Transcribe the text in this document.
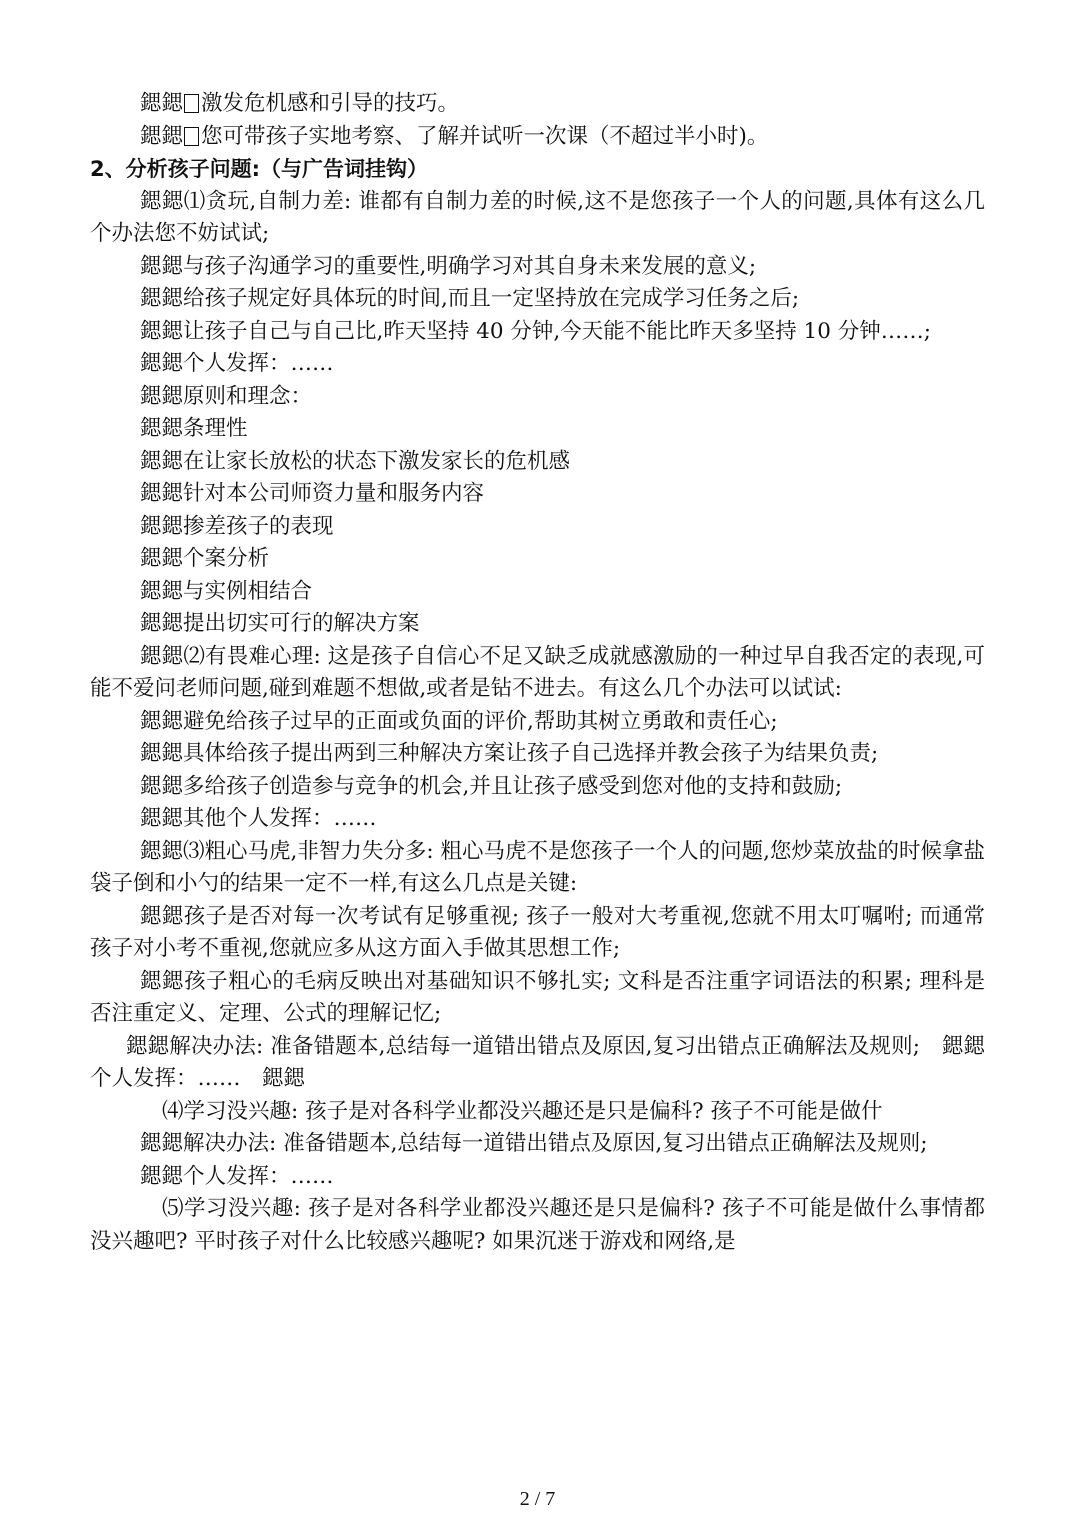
鍶鍶 激发危机感和引导的技巧。

鍶鍶 您可带孩子实地考察、了解并试听一次课（不超过半小时)。

2、分析孩子问题:（与广告词挂钩）

鍶鍶⑴贪玩,自制力差: 谁都有自制力差的时候,这不是您孩子一个人的问题,具体有这么几个办法您不妨试试;

鍶鍶与孩子沟通学习的重要性,明确学习对其自身未来发展的意义;

鍶鍶给孩子规定好具体玩的时间,而且一定坚持放在完成学习任务之后;

鍶鍶让孩子自己与自己比,昨天坚持 40 分钟,今天能不能比昨天多坚持 10 分钟……;

鍶鍶个人发挥：……

鍶鍶原则和理念：

鍶鍶条理性

鍶鍶在让家长放松的状态下激发家长的危机感

鍶鍶针对本公司师资力量和服务内容

鍶鍶掺差孩子的表现

鍶鍶个案分析

鍶鍶与实例相结合

鍶鍶提出切实可行的解决方案

鍶鍶⑵有畏难心理: 这是孩子自信心不足又缺乏成就感激励的一种过早自我否定的表现,可能不爱问老师问题,碰到难题不想做,或者是钻不进去。有这么几个办法可以试试:

鍶鍶避免给孩子过早的正面或负面的评价,帮助其树立勇敢和责任心;

鍶鍶具体给孩子提出两到三种解决方案让孩子自己选择并教会孩子为结果负责;

鍶鍶多给孩子创造参与竞争的机会,并且让孩子感受到您对他的支持和鼓励;

鍶鍶其他个人发挥：……

鍶鍶⑶粗心马虎,非智力失分多: 粗心马虎不是您孩子一个人的问题,您炒菜放盐的时候拿盐袋子倒和小勺的结果一定不一样,有这么几点是关键:

鍶鍶孩子是否对每一次考试有足够重视; 孩子一般对大考重视,您就不用太叮嘱咐; 而通常孩子对小考不重视,您就应多从这方面入手做其思想工作;

鍶鍶孩子粗心的毛病反映出对基础知识不够扎实; 文科是否注重字词语法的积累; 理科是否注重定义、定理、公式的理解记忆;

鍶鍶解决办法: 准备错题本,总结每一道错出错点及原因,复习出错点正确解法及规则;　鍶鍶个人发挥：……　鍶鍶

⑷学习没兴趣: 孩子是对各科学业都没兴趣还是只是偏科? 孩子不可能是做什

鍶鍶解决办法: 准备错题本,总结每一道错出错点及原因,复习出错点正确解法及规则;

鍶鍶个人发挥：……

⑸学习没兴趣: 孩子是对各科学业都没兴趣还是只是偏科? 孩子不可能是做什么事情都没兴趣吧? 平时孩子对什么比较感兴趣呢? 如果沉迷于游戏和网络,是

2 / 7
